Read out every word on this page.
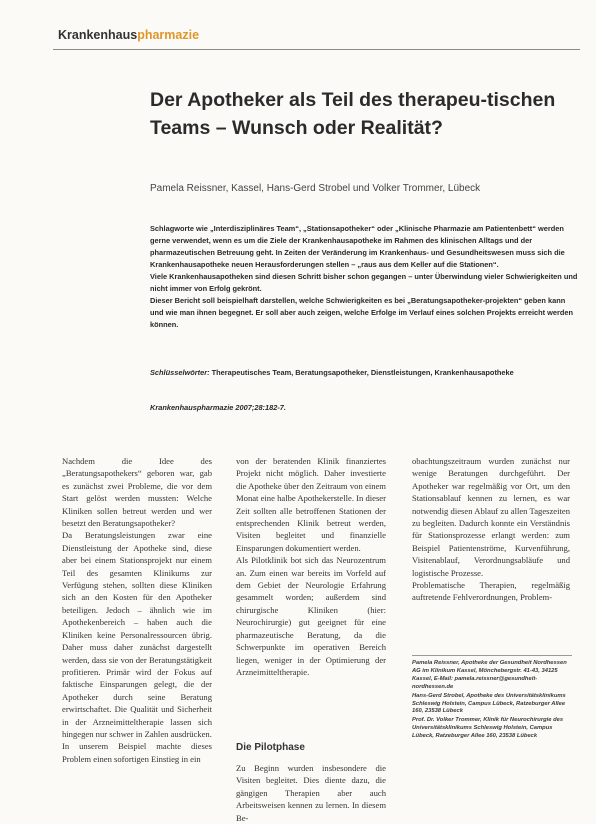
Krankenhauspharmazie
Der Apotheker als Teil des therapeu-tischen Teams – Wunsch oder Realität?
Pamela Reissner, Kassel, Hans-Gerd Strobel und Volker Trommer, Lübeck

Schlagworte wie „Interdisziplinäres Team“, „Stationsapotheker“ oder „Klinische Pharmazie am Patientenbett“ werden gerne verwendet, wenn es um die Ziele der Krankenhausapotheke im Rahmen des klinischen Alltags und der pharmazeutischen Betreuung geht. In Zeiten der Veränderung im Krankenhaus- und Gesundheitswesen muss sich die Krankenhausapotheke neuen Herausforderungen stellen – „raus aus dem Keller auf die Stationen“.

Viele Krankenhausapotheken sind diesen Schritt bisher schon gegangen – unter Überwindung vieler Schwierigkeiten und nicht immer von Erfolg gekrönt.

Dieser Bericht soll beispielhaft darstellen, welche Schwierigkeiten es bei „Beratungsapotheker-projekten“ geben kann und wie man ihnen begegnet. Er soll aber auch zeigen, welche Erfolge im Verlauf eines solchen Projekts erreicht werden können.

Schlüsselwörter: Therapeutisches Team, Beratungsapotheker, Dienstleistungen, Krankenhausapotheke
Krankenhauspharmazie 2007;28:182-7.

Nachdem die Idee des „Beratungsapothekers“ geboren war, gab es zunächst zwei Probleme, die vor dem Start gelöst werden mussten: Welche Kliniken sollen betreut werden und wer besetzt den Beratungsapotheker?

Da Beratungsleistungen zwar eine Dienstleistung der Apotheke sind, diese aber bei einem Stationsprojekt nur einem Teil des gesamten Klinikums zur Verfügung stehen, sollten diese Kliniken sich an den Kosten für den Apotheker beteiligen. Jedoch – ähnlich wie im Apothekenbereich – haben auch die Kliniken keine Personalressourcen übrig. Daher muss daher zunächst dargestellt werden, dass sie von der Beratungstätigkeit profitieren. Primär wird der Fokus auf faktische Einsparungen gelegt, die der Apotheker durch seine Beratung erwirtschaftet. Die Qualität und Sicherheit in der Arzneimitteltherapie lassen sich hingegen nur schwer in Zahlen ausdrücken.

In unserem Beispiel machte dieses Problem einen sofortigen Einstieg in ein

von der beratenden Klinik finanziertes Projekt nicht möglich. Daher investierte die Apotheke über den Zeitraum von einem Monat eine halbe Apothekerstelle. In dieser Zeit sollten alle betroffenen Stationen der entsprechenden Klinik betreut werden, Visiten begleitet und finanzielle Einsparungen dokumentiert werden.

Als Pilotklinik bot sich das Neurozentrum an. Zum einen war bereits im Vorfeld auf dem Gebiet der Neurologie Erfahrung gesammelt worden; außerdem sind chirurgische Kliniken (hier: Neurochirurgie) gut geeignet für eine pharmazeutische Beratung, da die Schwerpunkte im operativen Bereich liegen, weniger in der Optimierung der Arzneimitteltherapie.

Die Pilotphase

Zu Beginn wurden insbesondere die Visiten begleitet. Dies diente dazu, die gängigen Therapien aber auch Arbeitsweisen kennen zu lernen. In diesem Be-

obachtungszeitraum wurden zunächst nur wenige Beratungen durchgeführt. Der Apotheker war regelmäßig vor Ort, um den Stationsablauf kennen zu lernen, es war notwendig diesen Ablauf zu allen Tageszeiten zu begleiten. Dadurch konnte ein Verständnis für Stationsprozesse erlangt werden: zum Beispiel Patientenströme, Kurvenführung, Visitenablauf, Verordnungsabläufe und logistische Prozesse.

Problematische Therapien, regelmäßig auftretende Fehlverordnungen, Problem-

Pamela Reissner, Apotheke der Gesundheit Nordhessen AG im Klinikum Kassel, Mönchebergstr. 41-43, 34125 Kassel, E-Mail: pamela.reissner@gesundheit-nordhessen.de

Hans-Gerd Strobel, Apotheke des Universitätsklinikums Schleswig Holstein, Campus Lübeck, Ratzeburger Allee 160, 23538 Lübeck

Prof. Dr. Volker Trommer, Klinik für Neurochirurgie des Universitätsklinikums Schleswig Holstein, Campus Lübeck, Ratzeburger Allee 160, 23538 Lübeck
